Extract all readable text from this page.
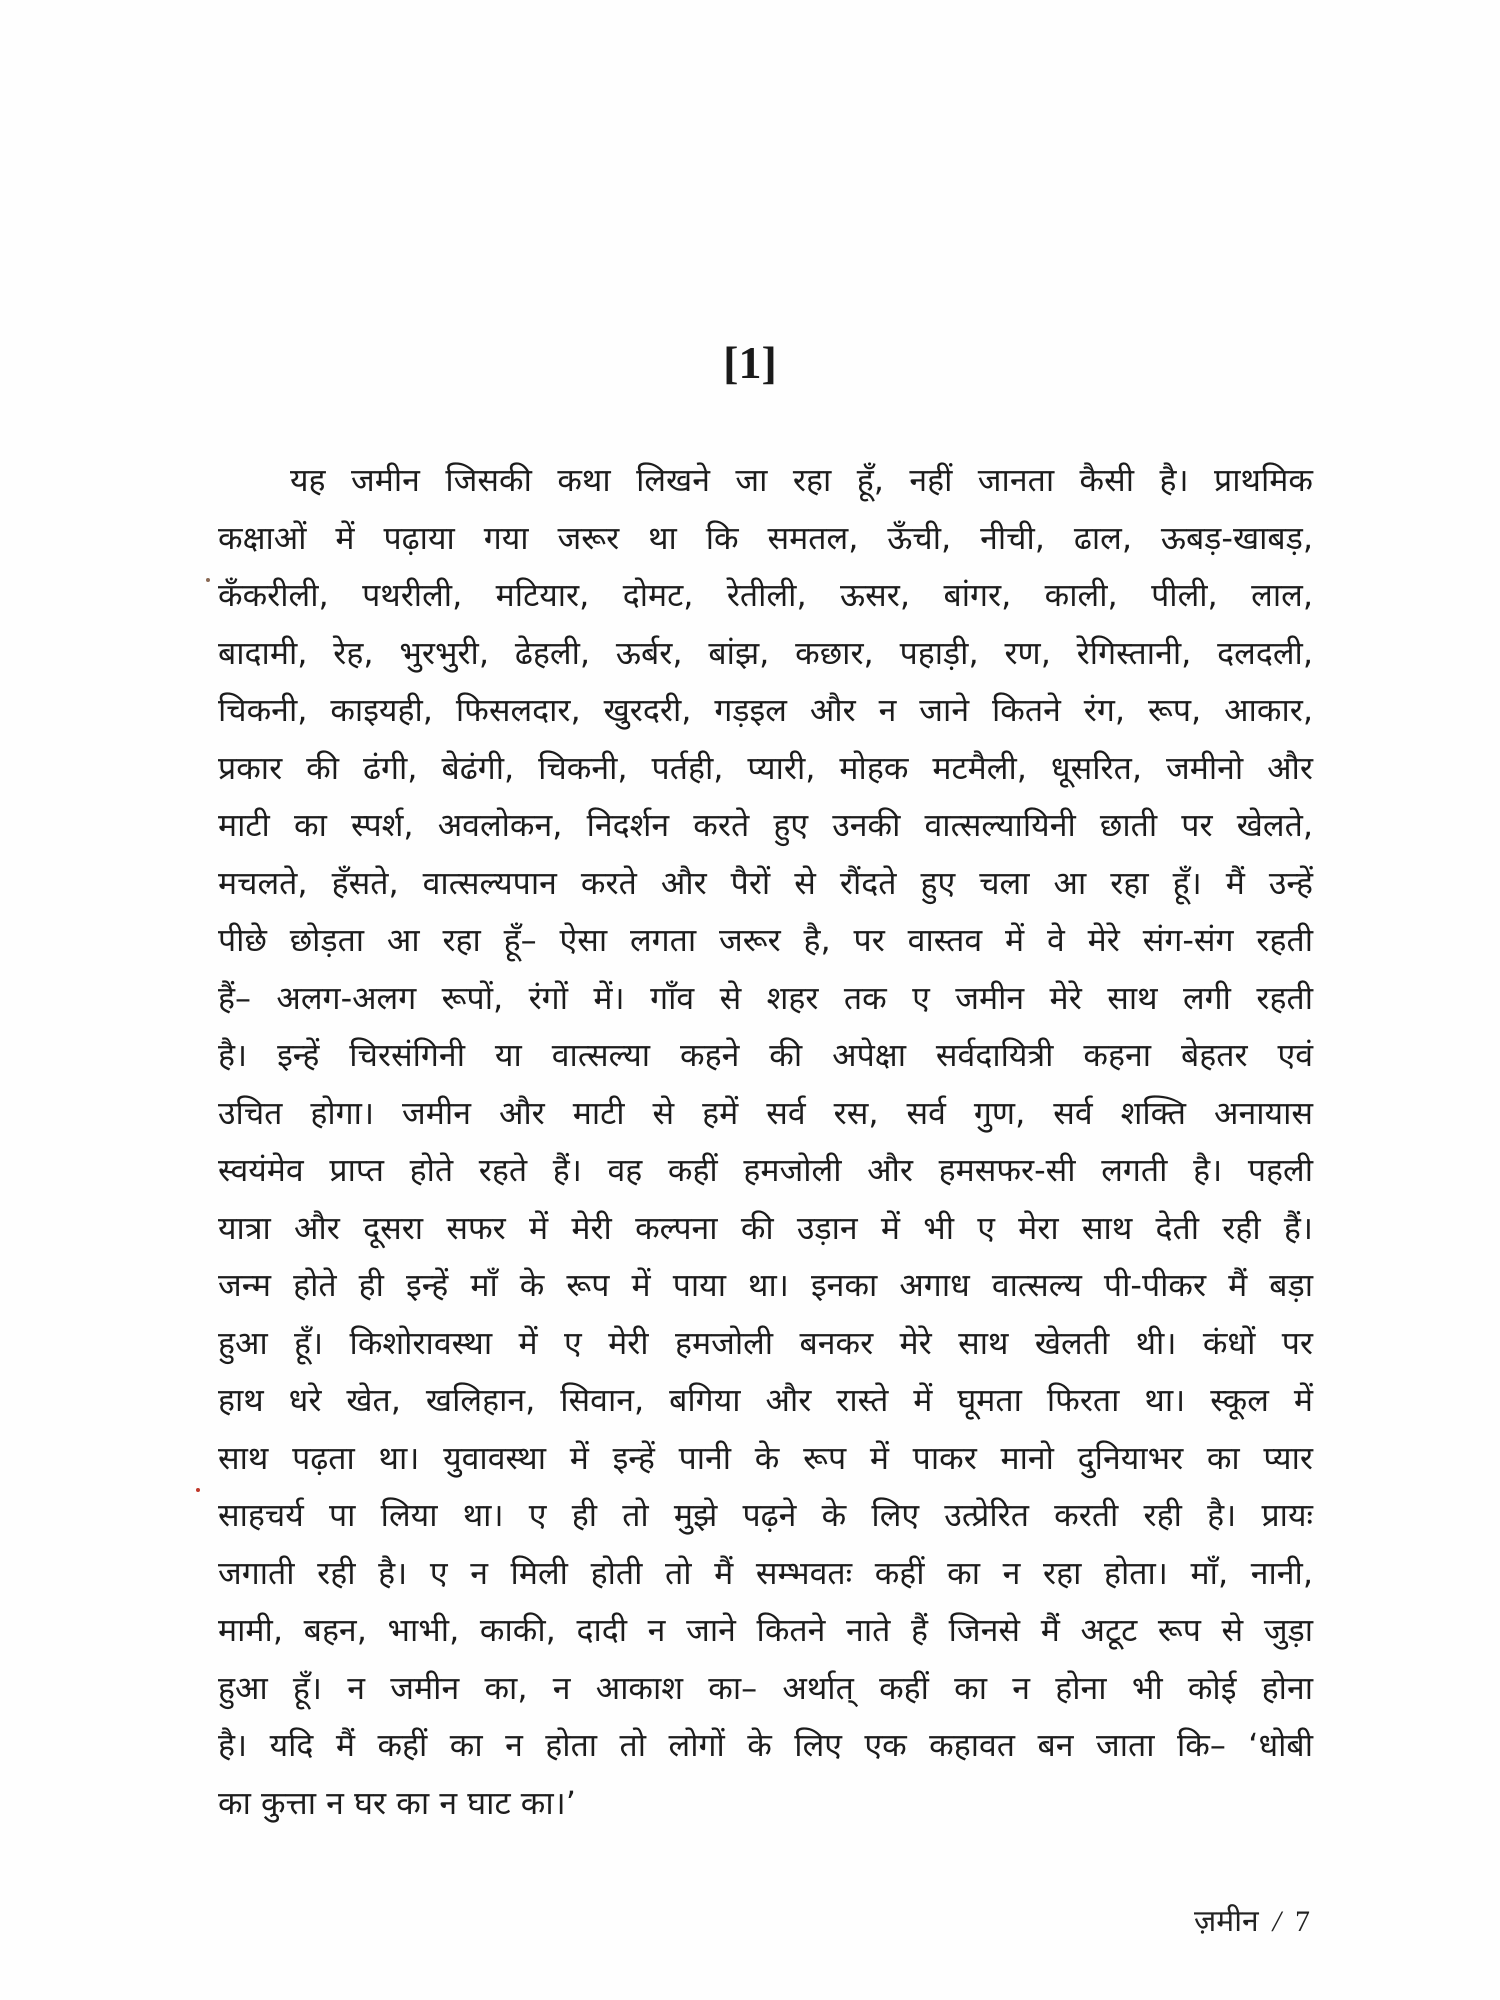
[1]
यह जमीन जिसकी कथा लिखने जा रहा हूँ, नहीं जानता कैसी है। प्राथमिक
कक्षाओं में पढ़ाया गया जरूर था कि समतल, ऊँची, नीची, ढाल, ऊबड़-खाबड़,
कँकरीली, पथरीली, मटियार, दोमट, रेतीली, ऊसर, बांगर, काली, पीली, लाल,
बादामी, रेह, भुरभुरी, ढेहली, ऊर्बर, बांझ, कछार, पहाड़ी, रण, रेगिस्तानी, दलदली,
चिकनी, काइयही, फिसलदार, खुरदरी, गड़इल और न जाने कितने रंग, रूप, आकार,
प्रकार की ढंगी, बेढंगी, चिकनी, पर्तही, प्यारी, मोहक मटमैली, धूसरित, जमीनो और
माटी का स्पर्श, अवलोकन, निदर्शन करते हुए उनकी वात्सल्यायिनी छाती पर खेलते,
मचलते, हँसते, वात्सल्यपान करते और पैरों से रौंदते हुए चला आ रहा हूँ। मैं उन्हें
पीछे छोड़ता आ रहा हूँ– ऐसा लगता जरूर है, पर वास्तव में वे मेरे संग-संग रहती
हैं– अलग-अलग रूपों, रंगों में। गाँव से शहर तक ए जमीन मेरे साथ लगी रहती
है। इन्हें चिरसंगिनी या वात्सल्या कहने की अपेक्षा सर्वदायित्री कहना बेहतर एवं
उचित होगा। जमीन और माटी से हमें सर्व रस, सर्व गुण, सर्व शक्ति अनायास
स्वयंमेव प्राप्त होते रहते हैं। वह कहीं हमजोली और हमसफर-सी लगती है। पहली
यात्रा और दूसरा सफर में मेरी कल्पना की उड़ान में भी ए मेरा साथ देती रही हैं।
जन्म होते ही इन्हें माँ के रूप में पाया था। इनका अगाध वात्सल्य पी-पीकर मैं बड़ा
हुआ हूँ। किशोरावस्था में ए मेरी हमजोली बनकर मेरे साथ खेलती थी। कंधों पर
हाथ धरे खेत, खलिहान, सिवान, बगिया और रास्ते में घूमता फिरता था। स्कूल में
साथ पढ़ता था। युवावस्था में इन्हें पानी के रूप में पाकर मानो दुनियाभर का प्यार
साहचर्य पा लिया था। ए ही तो मुझे पढ़ने के लिए उत्प्रेरित करती रही है। प्रायः
जगाती रही है। ए न मिली होती तो मैं सम्भवतः कहीं का न रहा होता। माँ, नानी,
मामी, बहन, भाभी, काकी, दादी न जाने कितने नाते हैं जिनसे मैं अटूट रूप से जुड़ा
हुआ हूँ। न जमीन का, न आकाश का– अर्थात् कहीं का न होना भी कोई होना
है। यदि मैं कहीं का न होता तो लोगों के लिए एक कहावत बन जाता कि– ‘धोबी
का कुत्ता न घर का न घाट का।’
ज़मीन / 7
